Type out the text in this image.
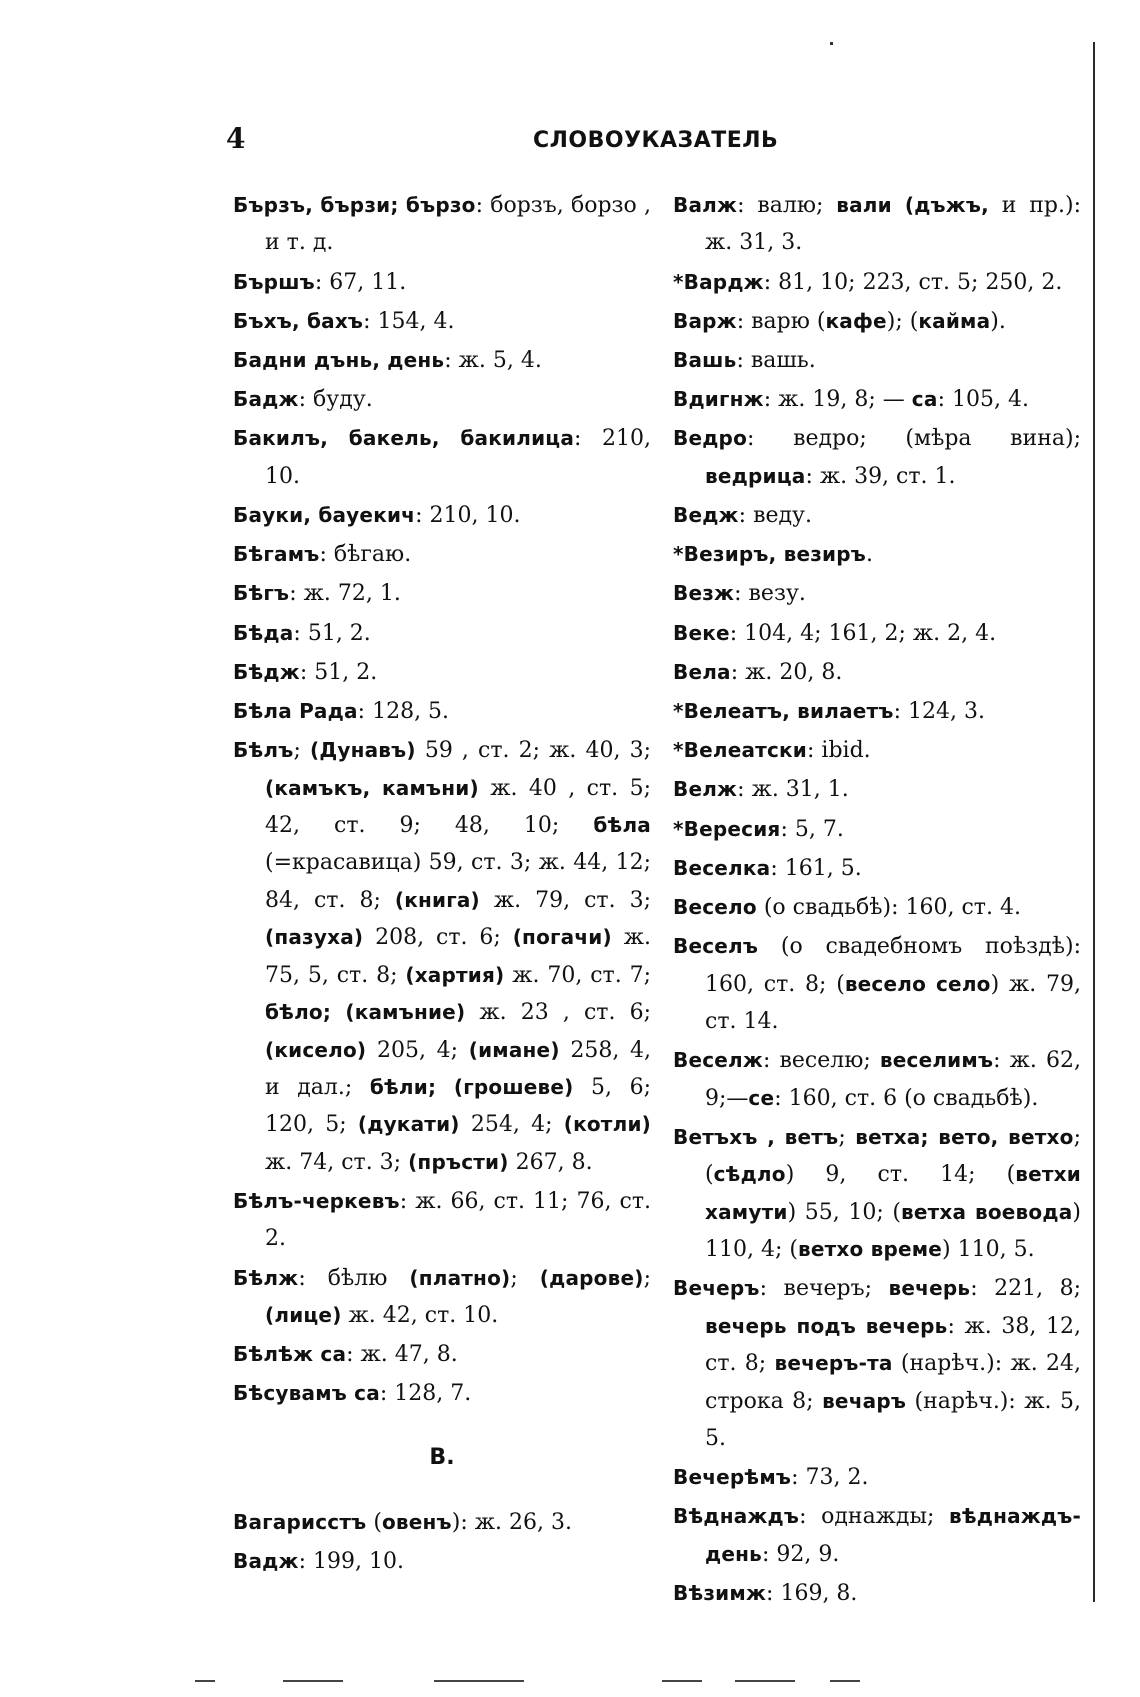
4	СЛОВОУКАЗАТЕЛЬ

Бързъ, бързи; бързо: борзъ, борзо , и т. д.

Бършъ: 67, 11.

Бъхъ, бахъ: 154, 4.

Бадни дънь, день: ж. 5, 4.

Бадж: буду.

Бакилъ, бакель, бакилица: 210, 10.

Бауки, бауекич: 210, 10.

Бѣгамъ: бѣгаю.

Бѣгъ: ж. 72, 1.

Бѣда: 51, 2.

Бѣдж: 51, 2.

Бѣла Рада: 128, 5.

Бѣлъ; (Дунавъ) 59 , ст. 2; ж. 40, 3; (камъкъ, камъни) ж. 40 , ст. 5; 42, ст. 9; 48, 10; бѣла (=красавица) 59, ст. 3; ж. 44, 12; 84, ст. 8; (книга) ж. 79, ст. 3; (пазуха) 208, ст. 6; (погачи) ж. 75, 5, ст. 8; (хартия) ж. 70, ст. 7; бѣло; (камъние) ж. 23 , ст. 6; (кисело) 205, 4; (имане) 258, 4, и дал.; бѣли; (грошеве) 5, 6; 120, 5; (дукати) 254, 4; (котли) ж. 74, ст. 3; (пръсти) 267, 8.

Бѣлъ-черкевъ: ж. 66, ст. 11; 76, ст. 2.

Бѣлж: бѣлю (платно); (дарове); (лице) ж. 42, ст. 10.

Бѣлѣж са: ж. 47, 8.

Бѣсувамъ са: 128, 7.

В.

Вагарисстъ (овенъ): ж. 26, 3.

Вадж: 199, 10.

Валж: валю; вали (дъжъ, и пр.): ж. 31, 3.

*Вардж: 81, 10; 223, ст. 5; 250, 2.

Варж: варю (кафе); (кайма).

Вашь: вашь.

Вдигнж: ж. 19, 8; — са: 105, 4.

Ведро: ведро; (мѣра вина); ведрица: ж. 39, ст. 1.

Ведж: веду.

*Везиръ, вeзиръ.

Везж: везу.

Веке: 104, 4; 161, 2; ж. 2, 4.

Вела: ж. 20, 8.

*Велеатъ, вилаетъ: 124, 3.

*Велеатски: ibid.

Велж: ж. 31, 1.

*Вересия: 5, 7.

Веселка: 161, 5.

Весело (о свадьбѣ): 160, ст. 4.

Веселъ (о свадебномъ поѣздѣ): 160, ст. 8; (весело село) ж. 79, ст. 14.

Веселж: веселю; веселимъ: ж. 62, 9;—се: 160, ст. 6 (о свадьбѣ).

Ветъхъ , ветъ; ветха; вето, ветхо; (сѣдло) 9, ст. 14; (ветхи хамути) 55, 10; (ветха воевода) 110, 4; (ветхо време) 110, 5.

Вечеръ: вечеръ; вечерь: 221, 8; вечерь подъ вечерь: ж. 38, 12, ст. 8; вечеръ-та (нарѣч.): ж. 24, строка 8; вечаръ (нарѣч.): ж. 5, 5.

Вечерѣмъ: 73, 2.

Вѣднаждъ: однажды; вѣднаждъ-день: 92, 9.

Вѣзимж: 169, 8.
